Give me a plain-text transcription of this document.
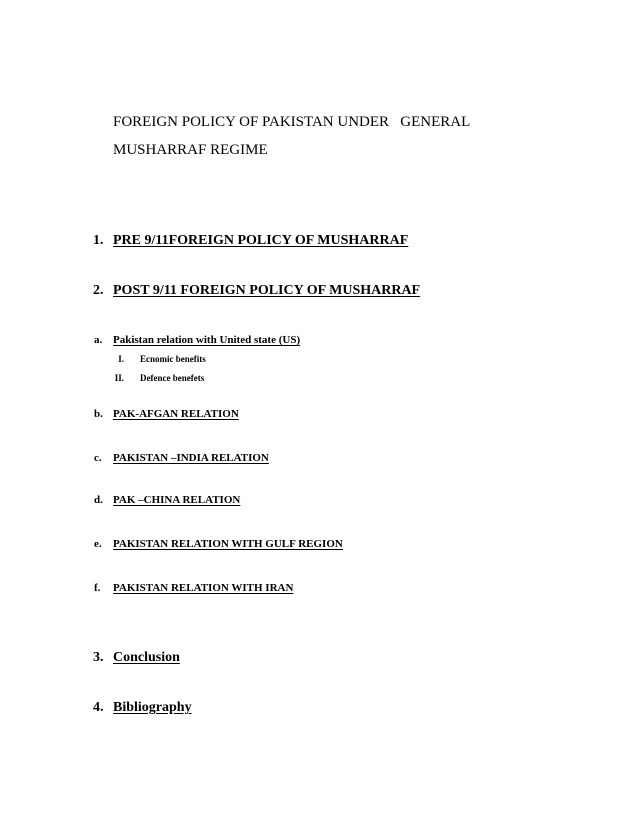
FOREIGN POLICY OF PAKISTAN UNDER   GENERAL
MUSHARRAF REGIME

1. PRE 9/11FOREIGN POLICY OF MUSHARRAF
2. POST 9/11 FOREIGN POLICY OF MUSHARRAF
a. Pakistan relation with United state (US)
I. Ecnomic benefits
II. Defence benefets
b. PAK-AFGAN RELATION
c. PAKISTAN –INDIA RELATION
d. PAK –CHINA RELATION
e. PAKISTAN RELATION WITH GULF REGION
f. PAKISTAN RELATION WITH IRAN
3. Conclusion
4. Bibliography
